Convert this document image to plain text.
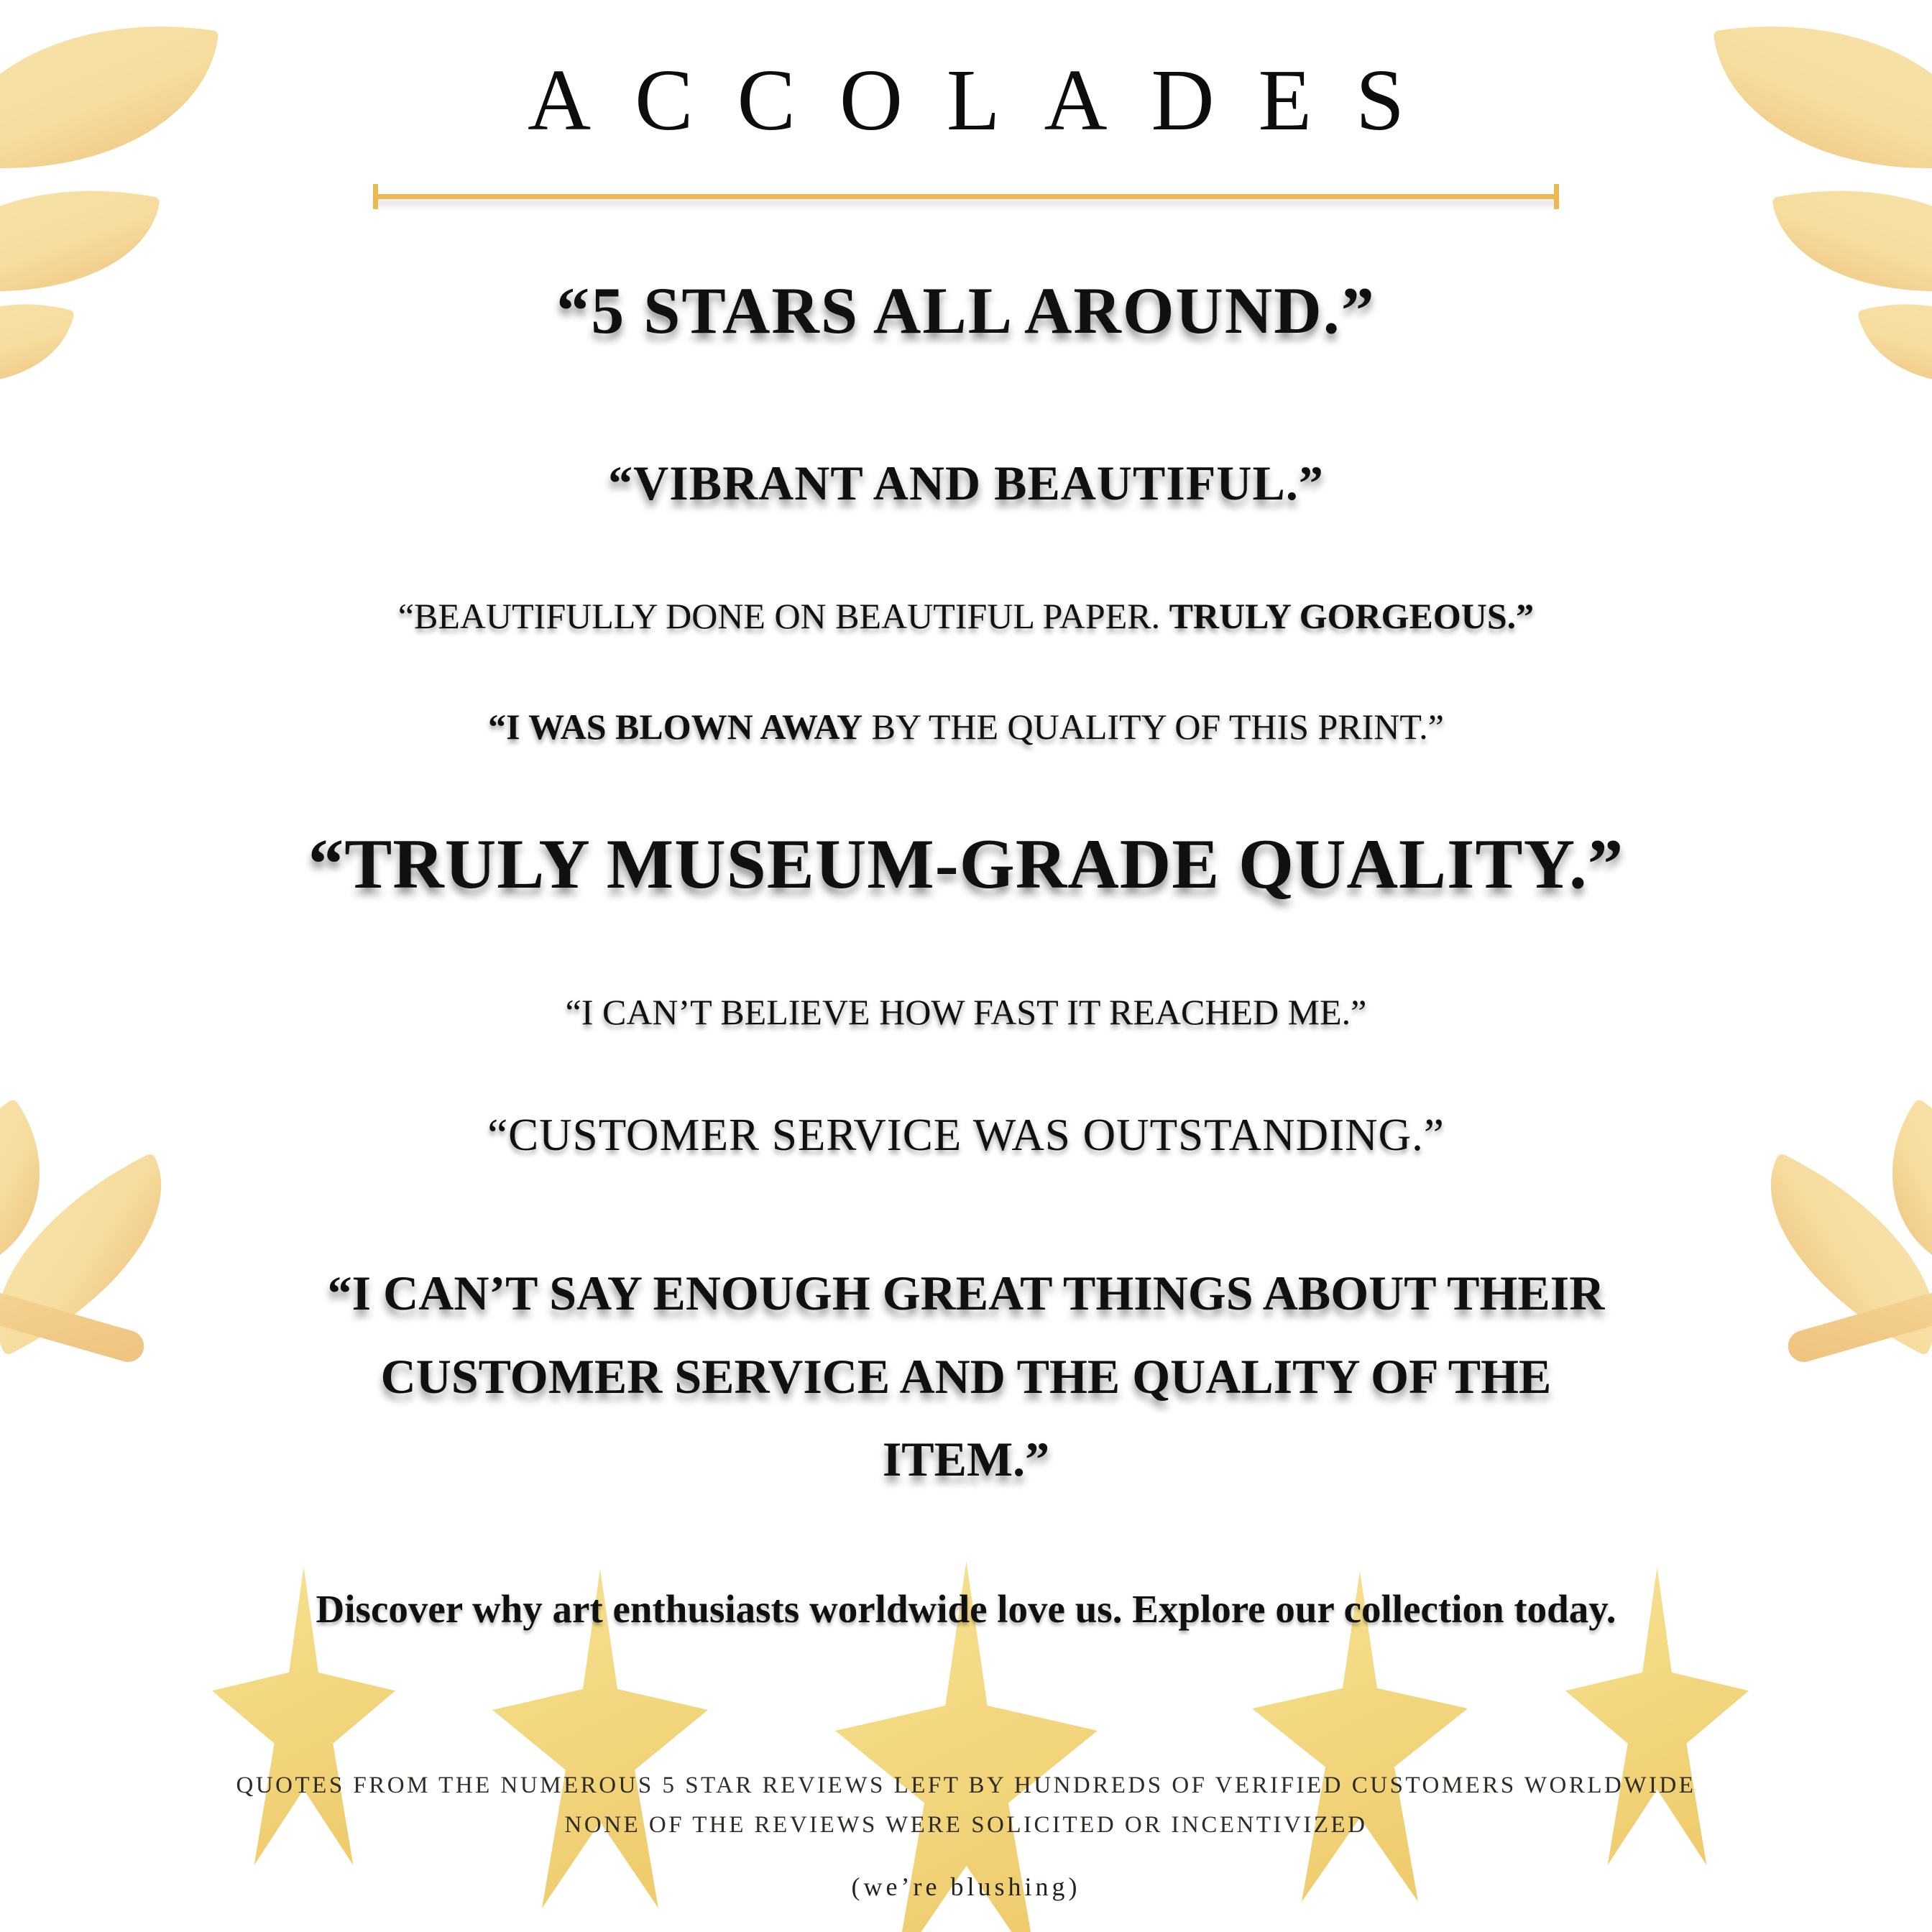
ACCOLADES
“5 STARS ALL AROUND.”
“VIBRANT AND BEAUTIFUL.”
“BEAUTIFULLY DONE ON BEAUTIFUL PAPER. TRULY GORGEOUS.”
“I WAS BLOWN AWAY BY THE QUALITY OF THIS PRINT.”
“TRULY MUSEUM-GRADE QUALITY.”
“I CAN’T BELIEVE HOW FAST IT REACHED ME.”
“CUSTOMER SERVICE WAS OUTSTANDING.”
“I CAN’T SAY ENOUGH GREAT THINGS ABOUT THEIR CUSTOMER SERVICE AND THE QUALITY OF THE ITEM.”
Discover why art enthusiasts worldwide love us. Explore our collection today.
QUOTES FROM THE NUMEROUS 5 STAR REVIEWS LEFT BY HUNDREDS OF VERIFIED CUSTOMERS WORLDWIDE
NONE OF THE REVIEWS WERE SOLICITED OR INCENTIVIZED
(we’re blushing)
